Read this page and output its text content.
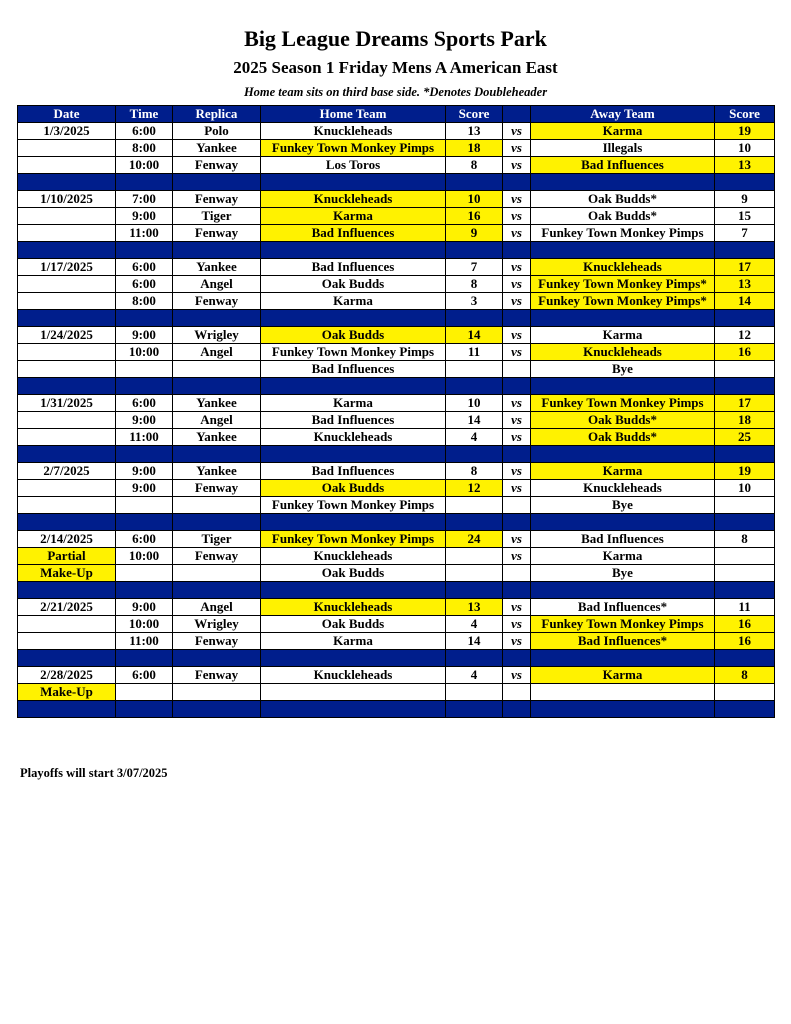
Big League Dreams Sports Park
2025 Season 1 Friday Mens A American East
Home team sits on third base side. *Denotes Doubleheader
Date	Time	Replica	Home Team	Score		Away Team	Score
1/3/2025	6:00	Polo	Knuckleheads	13	vs	Karma	19
	8:00	Yankee	Funkey Town Monkey Pimps	18	vs	Illegals	10
	10:00	Fenway	Los Toros	8	vs	Bad Influences	13

1/10/2025	7:00	Fenway	Knuckleheads	10	vs	Oak Budds*	9
	9:00	Tiger	Karma	16	vs	Oak Budds*	15
	11:00	Fenway	Bad Influences	9	vs	Funkey Town Monkey Pimps	7

1/17/2025	6:00	Yankee	Bad Influences	7	vs	Knuckleheads	17
	6:00	Angel	Oak Budds	8	vs	Funkey Town Monkey Pimps*	13
	8:00	Fenway	Karma	3	vs	Funkey Town Monkey Pimps*	14

1/24/2025	9:00	Wrigley	Oak Budds	14	vs	Karma	12
	10:00	Angel	Funkey Town Monkey Pimps	11	vs	Knuckleheads	16
			Bad Influences			Bye	

1/31/2025	6:00	Yankee	Karma	10	vs	Funkey Town Monkey Pimps	17
	9:00	Angel	Bad Influences	14	vs	Oak Budds*	18
	11:00	Yankee	Knuckleheads	4	vs	Oak Budds*	25

2/7/2025	9:00	Yankee	Bad Influences	8	vs	Karma	19
	9:00	Fenway	Oak Budds	12	vs	Knuckleheads	10
			Funkey Town Monkey Pimps			Bye	

2/14/2025	6:00	Tiger	Funkey Town Monkey Pimps	24	vs	Bad Influences	8
Partial	10:00	Fenway	Knuckleheads		vs	Karma	
Make-Up			Oak Budds			Bye	

2/21/2025	9:00	Angel	Knuckleheads	13	vs	Bad Influences*	11
	10:00	Wrigley	Oak Budds	4	vs	Funkey Town Monkey Pimps	16
	11:00	Fenway	Karma	14	vs	Bad Influences*	16

2/28/2025	6:00	Fenway	Knuckleheads	4	vs	Karma	8
Make-Up							

Playoffs will start 3/07/2025
